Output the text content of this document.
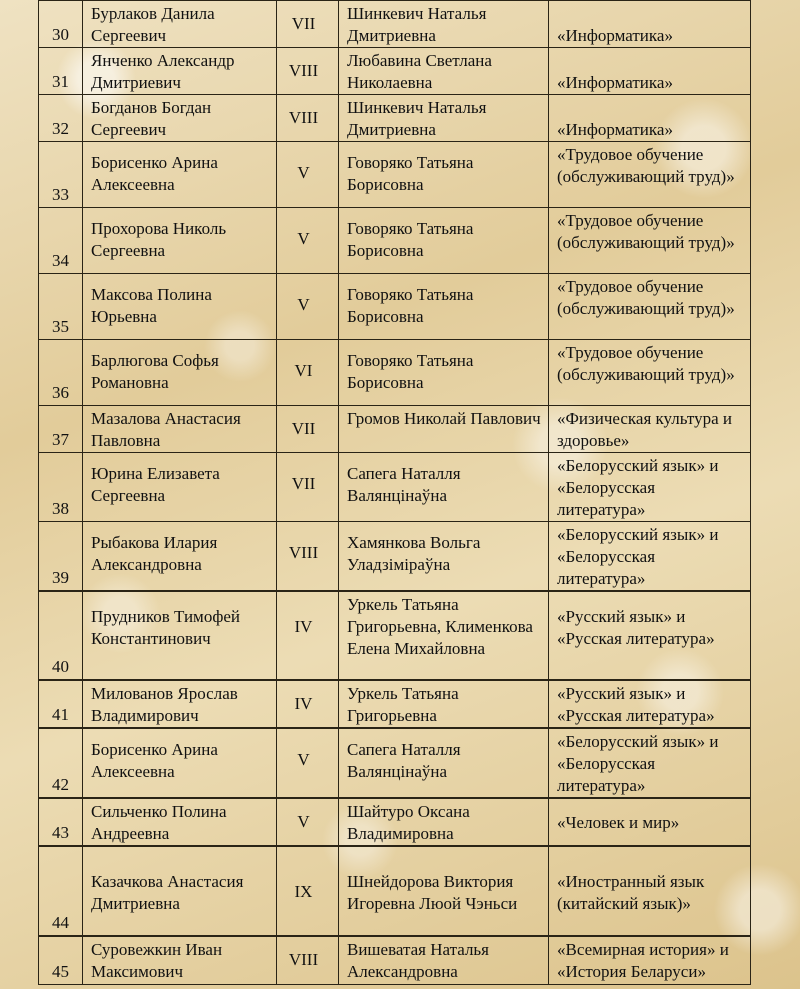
30	Бурлаков Данила Сергеевич	VII	Шинкевич Наталья Дмитриевна	«Информатика»
31	Янченко Александр Дмитриевич	VIII	Любавина Светлана Николаевна	«Информатика»
32	Богданов Богдан Сергеевич	VIII	Шинкевич Наталья Дмитриевна	«Информатика»
33	Борисенко Арина Алексеевна	V	Говоряко Татьяна Борисовна	«Трудовое обучение (обслуживающий труд)»
34	Прохорова Николь Сергеевна	V	Говоряко Татьяна Борисовна	«Трудовое обучение (обслуживающий труд)»
35	Максова Полина Юрьевна	V	Говоряко Татьяна Борисовна	«Трудовое обучение (обслуживающий труд)»
36	Барлюгова Софья Романовна	VI	Говоряко Татьяна Борисовна	«Трудовое обучение (обслуживающий труд)»
37	Мазалова Анастасия Павловна	VII	Громов Николай Павлович	«Физическая культура и здоровье»
38	Юрина Елизавета Сергеевна	VII	Сапега Наталля Валянцінаўна	«Белорусский язык» и «Белорусская литература»
39	Рыбакова Илария Александровна	VIII	Хамянкова Вольга Уладзіміраўна	«Белорусский язык» и «Белорусская литература»
40	Прудников Тимофей Константинович	IV	Уркель Татьяна Григорьевна, Клименкова Елена Михайловна	«Русский язык» и «Русская литература»
41	Милованов Ярослав Владимирович	IV	Уркель Татьяна Григорьевна	«Русский язык» и «Русская литература»
42	Борисенко Арина Алексеевна	V	Сапега Наталля Валянцінаўна	«Белорусский язык» и «Белорусская литература»
43	Сильченко Полина Андреевна	V	Шайтуро Оксана Владимировна	«Человек и мир»
44	Казачкова Анастасия Дмитриевна	IX	Шнейдорова Виктория Игоревна Люой Чэньси	«Иностранный язык (китайский язык)»
45	Суровежкин Иван Максимович	VIII	Вишеватая Наталья Александровна	«Всемирная история» и «История Беларуси»
